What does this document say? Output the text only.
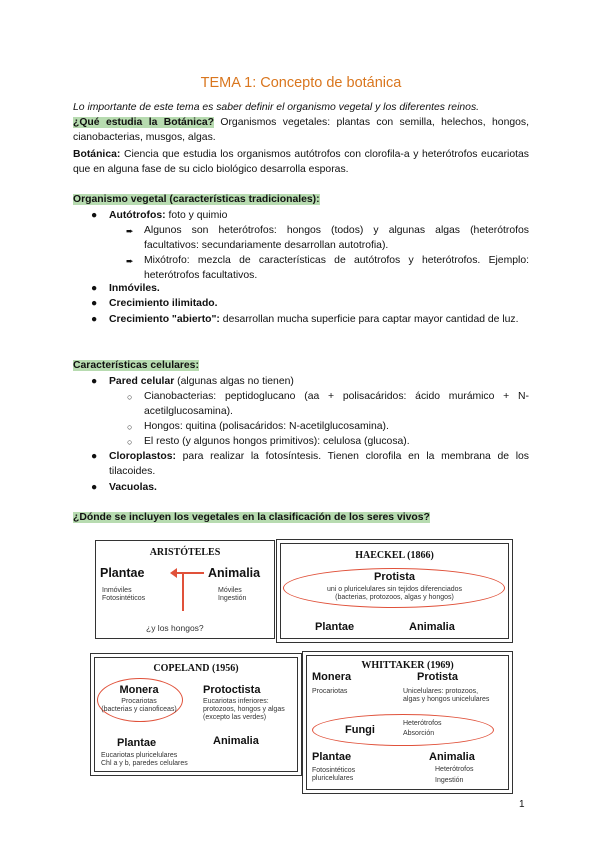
TEMA 1: Concepto de botánica
Lo importante de este tema es saber definir el organismo vegetal y los diferentes reinos.
¿Qué estudia la Botánica? Organismos vegetales: plantas con semilla, helechos, hongos, cianobacterias, musgos, algas.
Botánica: Ciencia que estudia los organismos autótrofos con clorofila-a y heterótrofos eucariotas que en alguna fase de su ciclo biológico desarrolla esporas.
Organismo vegetal (características tradicionales):
● Autótrofos: foto y quimio
➨ Algunos son heterótrofos: hongos (todos) y algunas algas (heterótrofos facultativos: secundariamente desarrollan autotrofia).
➨ Mixótrofo: mezcla de características de autótrofos y heterótrofos. Ejemplo: heterótrofos facultativos.
● Inmóviles.
● Crecimiento ilimitado.
● Crecimiento "abierto": desarrollan mucha superficie para captar mayor cantidad de luz.
Características celulares:
● Pared celular (algunas algas no tienen)
○ Cianobacterias: peptidoglucano (aa + polisacáridos: ácido murámico + N-acetilglucosamina).
○ Hongos: quitina (polisacáridos: N-acetilglucosamina).
○ El resto (y algunos hongos primitivos): celulosa (glucosa).
● Cloroplastos: para realizar la fotosíntesis. Tienen clorofila en la membrana de los tilacoides.
● Vacuolas.
¿Dónde se incluyen los vegetales en la clasificación de los seres vivos?
ARISTÓTELES
Plantae	Animalia
Inmóviles
Fotosintéticos
Móviles
Ingestión
¿y los hongos?
HAECKEL (1866)
Protista
uni o pluricelulares sin tejidos diferenciados
(bacterias, protozoos, algas y hongos)
Plantae	Animalia
COPELAND (1956)
Monera
Procariotas
(bacterias y cianoficeas)
Protoctista
Eucariotas inferiores:
protozoos, hongos y algas
(excepto las verdes)
Plantae
Eucariotas pluricelulares
Chl a y b, paredes celulares
Animalia
WHITTAKER (1969)
Monera
Procariotas
Protista
Unicelulares: protozoos,
algas y hongos unicelulares
Fungi
Heterótrofos
Absorción
Plantae
Fotosintéticos
pluricelulares
Animalia
Heterótrofos
Ingestión
1
